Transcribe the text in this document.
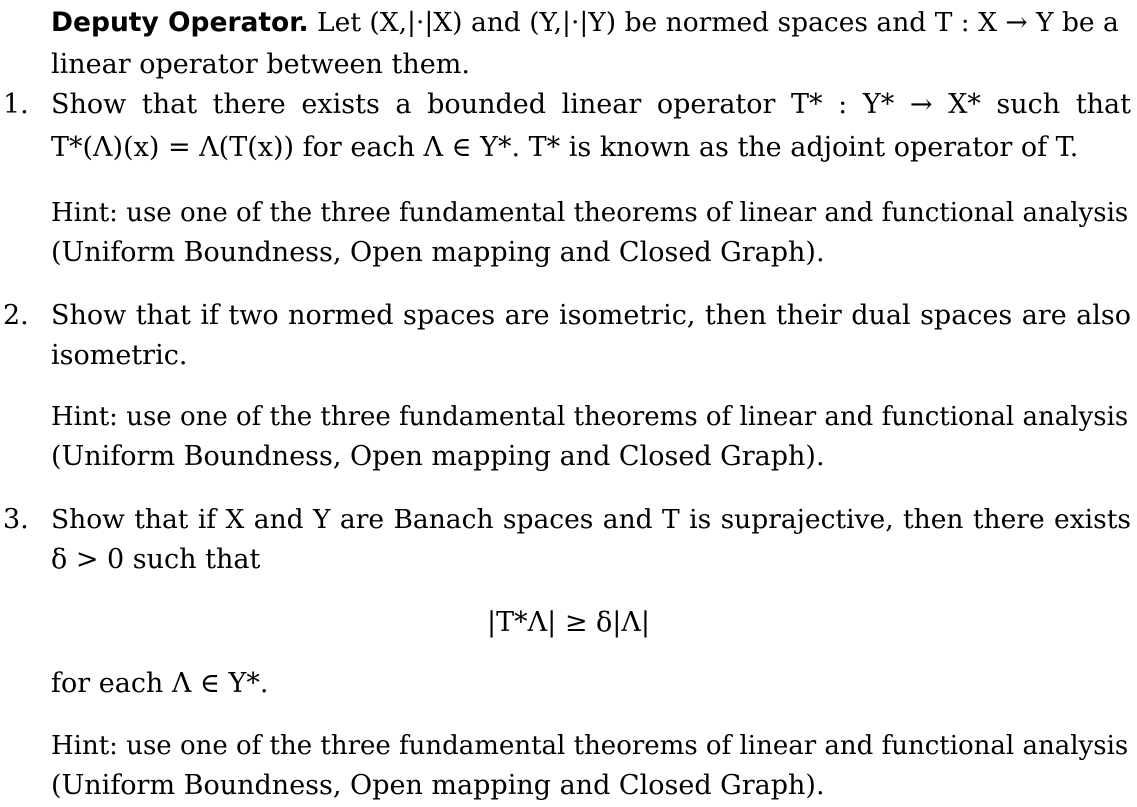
Deputy Operator. Let (X,|·|X) and (Y,|·|Y) be normed spaces and T : X → Y be a
linear operator between them.
1. Show that there exists a bounded linear operator T* : Y* → X* such that
T*(Λ)(x) = Λ(T(x)) for each Λ ∈ Y*. T* is known as the adjoint operator of T.
Hint: use one of the three fundamental theorems of linear and functional analysis
(Uniform Boundness, Open mapping and Closed Graph).
2. Show that if two normed spaces are isometric, then their dual spaces are also
isometric.
Hint: use one of the three fundamental theorems of linear and functional analysis
(Uniform Boundness, Open mapping and Closed Graph).
3. Show that if X and Y are Banach spaces and T is suprajective, then there exists
δ > 0 such that
|T*Λ| ≥ δ|Λ|
for each Λ ∈ Y*.
Hint: use one of the three fundamental theorems of linear and functional analysis
(Uniform Boundness, Open mapping and Closed Graph).
